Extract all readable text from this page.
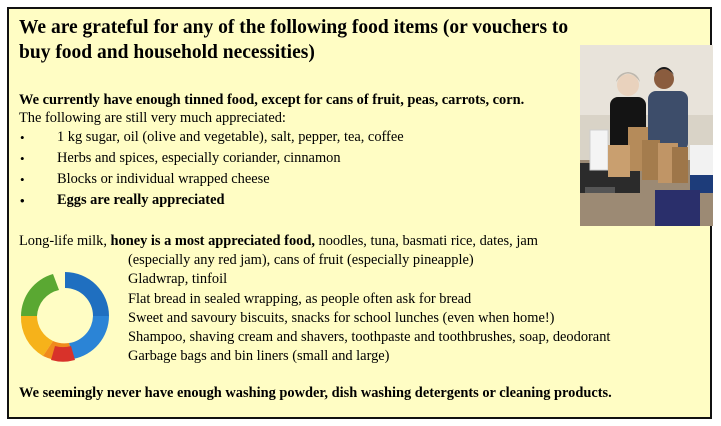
We are grateful for any of the following food items (or vouchers to buy food and household necessities)
We currently have enough tinned food, except for cans of fruit, peas, carrots, corn.
The following are still very much appreciated:
• 1 kg sugar, oil (olive and vegetable), salt, pepper, tea, coffee
• Herbs and spices, especially coriander, cinnamon
• Blocks or individual wrapped cheese
• Eggs are really appreciated
Long-life milk, honey is a most appreciated food, noodles, tuna, basmati rice, dates, jam
(especially any red jam), cans of fruit (especially pineapple)
Gladwrap, tinfoil
Flat bread in sealed wrapping, as people often ask for bread
Sweet and savoury biscuits, snacks for school lunches (even when home!)
Shampoo, shaving cream and shavers, toothpaste and toothbrushes, soap, deodorant
Garbage bags and bin liners (small and large)
We seemingly never have enough washing powder, dish washing detergents or cleaning products.
